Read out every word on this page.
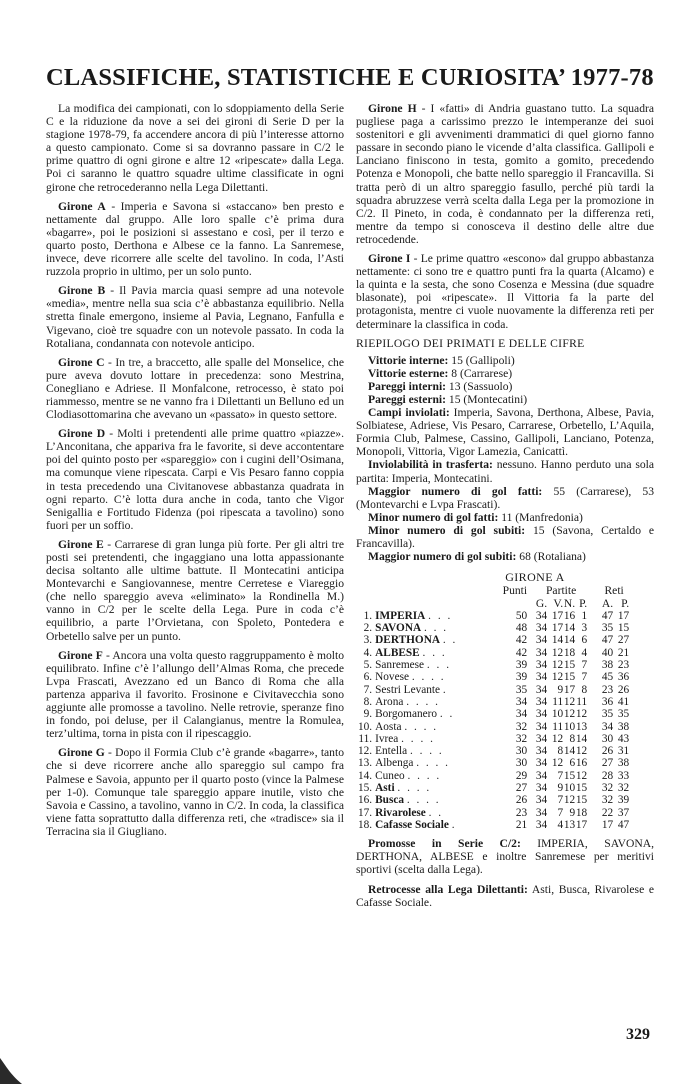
CLASSIFICHE, STATISTICHE E CURIOSITA’ 1977-78

La modifica dei campionati, con lo sdoppiamento della Serie C e la riduzione da nove a sei dei gironi di Serie D per la stagione 1978-79, fa accendere ancora di più l’interesse attorno a questo campionato. Come si sa dovranno passare in C/2 le prime quattro di ogni girone e altre 12 «ripescate» dalla Lega. Poi ci saranno le quattro squadre ultime classificate in ogni girone che retrocederanno nella Lega Dilettanti.

Girone A - Imperia e Savona si «staccano» ben presto e nettamente dal gruppo. Alle loro spalle c’è prima dura «bagarre», poi le posizioni si assestano e così, per il terzo e quarto posto, Derthona e Albese ce la fanno. La Sanremese, invece, deve ricorrere alle scelte del tavolino. In coda, l’Asti ruzzola proprio in ultimo, per un solo punto.

Girone B - Il Pavia marcia quasi sempre ad una notevole «media», mentre nella sua scia c’è abbastanza equilibrio. Nella stretta finale emergono, insieme al Pavia, Legnano, Fanfulla e Vigevano, cioè tre squadre con un notevole passato. In coda la Rotaliana, condannata con notevole anticipo.

Girone C - In tre, a braccetto, alle spalle del Monselice, che pure aveva dovuto lottare in precedenza: sono Mestrina, Conegliano e Adriese. Il Monfalcone, retrocesso, è stato poi riammesso, mentre se ne vanno fra i Dilettanti un Belluno ed un Clodiasottomarina che avevano un «passato» in questo settore.

Girone D - Molti i pretendenti alle prime quattro «piazze». L’Anconitana, che appariva fra le favorite, si deve accontentare poi del quinto posto per «spareggio» con i cugini dell’Osimana, ma comunque viene ripescata. Carpi e Vis Pesaro fanno coppia in testa precedendo una Civitanovese abbastanza quadrata in ogni reparto. C’è lotta dura anche in coda, tanto che Vigor Senigallia e Fortitudo Fidenza (poi ripescata a tavolino) sono fuori per un soffio.

Girone E - Carrarese di gran lunga più forte. Per gli altri tre posti sei pretendenti, che ingaggiano una lotta appassionante decisa soltanto alle ultime battute. Il Montecatini anticipa Montevarchi e Sangiovannese, mentre Cerretese e Viareggio (che nello spareggio aveva «eliminato» la Rondinella M.) vanno in C/2 per le scelte della Lega. Pure in coda c’è equilibrio, a parte l’Orvietana, con Spoleto, Pontedera e Orbetello salve per un punto.

Girone F - Ancora una volta questo raggruppamento è molto equilibrato. Infine c’è l’allungo dell’Almas Roma, che precede Lvpa Frascati, Avezzano ed un Banco di Roma che alla partenza appariva il favorito. Frosinone e Civitavecchia sono aggiunte alle promosse a tavolino. Nelle retrovie, speranze fino in fondo, poi deluse, per il Calangianus, mentre la Romulea, terz’ultima, torna in pista con il ripescaggio.

Girone G - Dopo il Formia Club c’è grande «bagarre», tanto che si deve ricorrere anche allo spareggio sul campo fra Palmese e Savoia, appunto per il quarto posto (vince la Palmese per 1-0). Comunque tale spareggio appare inutile, visto che Savoia e Cassino, a tavolino, vanno in C/2. In coda, la classifica viene fatta soprattutto dalla differenza reti, che «tradisce» sia il Terracina sia il Giugliano.

Girone H - I «fatti» di Andria guastano tutto. La squadra pugliese paga a carissimo prezzo le intemperanze dei suoi sostenitori e gli avvenimenti drammatici di quel giorno fanno passare in secondo piano le vicende d’alta classifica. Gallipoli e Lanciano finiscono in testa, gomito a gomito, precedendo Potenza e Monopoli, che batte nello spareggio il Francavilla. Si tratta però di un altro spareggio fasullo, perché più tardi la squadra abruzzese verrà scelta dalla Lega per la promozione in C/2. Il Pineto, in coda, è condannato per la differenza reti, mentre da tempo si conosceva il destino delle altre due retrocedende.

Girone I - Le prime quattro «escono» dal gruppo abbastanza nettamente: ci sono tre e quattro punti fra la quarta (Alcamo) e la quinta e la sesta, che sono Cosenza e Messina (due squadre blasonate), poi «ripescate». Il Vittoria fa la parte del protagonista, mentre ci vuole nuovamente la differenza reti per determinare la classifica in coda.

RIEPILOGO DEI PRIMATI E DELLE CIFRE

Vittorie interne: 15 (Gallipoli)

Vittorie esterne: 8 (Carrarese)

Pareggi interni: 13 (Sassuolo)

Pareggi esterni: 15 (Montecatini)

Campi inviolati: Imperia, Savona, Derthona, Albese, Pavia, Solbiatese, Adriese, Vis Pesaro, Carrarese, Orbetello, L’Aquila, Formia Club, Palmese, Cassino, Gallipoli, Lanciano, Potenza, Monopoli, Vittoria, Vigor Lamezia, Canicattì.

Inviolabilità in trasferta: nessuno. Hanno perduto una sola partita: Imperia, Montecatini.

Maggior numero di gol fatti: 55 (Carrarese), 53 (Montevarchi e Lvpa Frascati).

Minor numero di gol fatti: 11 (Manfredonia)

Minor numero di gol subiti: 15 (Savona, Certaldo e Francavilla).

Maggior numero di gol subiti: 68 (Rotaliana)

GIRONE A
		Punti	Partite				Reti	
			G.	V.	N.	P.	A.	P.
1.	IMPERIA . . .	50	34	17	16	1	47	17
2.	SAVONA . . .	48	34	17	14	3	35	15
3.	DERTHONA . .	42	34	14	14	6	47	27
4.	ALBESE . . .	42	34	12	18	4	40	21
5.	Sanremese . . .	39	34	12	15	7	38	23
6.	Novese . . . .	39	34	12	15	7	45	36
7.	Sestri Levante .	35	34	9	17	8	23	26
8.	Arona . . . .	34	34	11	12	11	36	41
9.	Borgomanero . .	34	34	10	12	12	35	35
10.	Aosta . . . .	32	34	11	10	13	34	38
11.	Ivrea . . . .	32	34	12	8	14	30	43
12.	Entella . . . .	30	34	8	14	12	26	31
13.	Albenga . . . .	30	34	12	6	16	27	38
14.	Cuneo . . . .	29	34	7	15	12	28	33
15.	Asti . . . .	27	34	9	10	15	32	32
16.	Busca . . . .	26	34	7	12	15	32	39
17.	Rivarolese . .	23	34	7	9	18	22	37
18.	Cafasse Sociale .	21	34	4	13	17	17	47

Promosse in Serie C/2: IMPERIA, SAVONA, DERTHONA, ALBESE e inoltre Sanremese per meritivi sportivi (scelta dalla Lega).

Retrocesse alla Lega Dilettanti: Asti, Busca, Rivarolese e Cafasse Sociale.

329
